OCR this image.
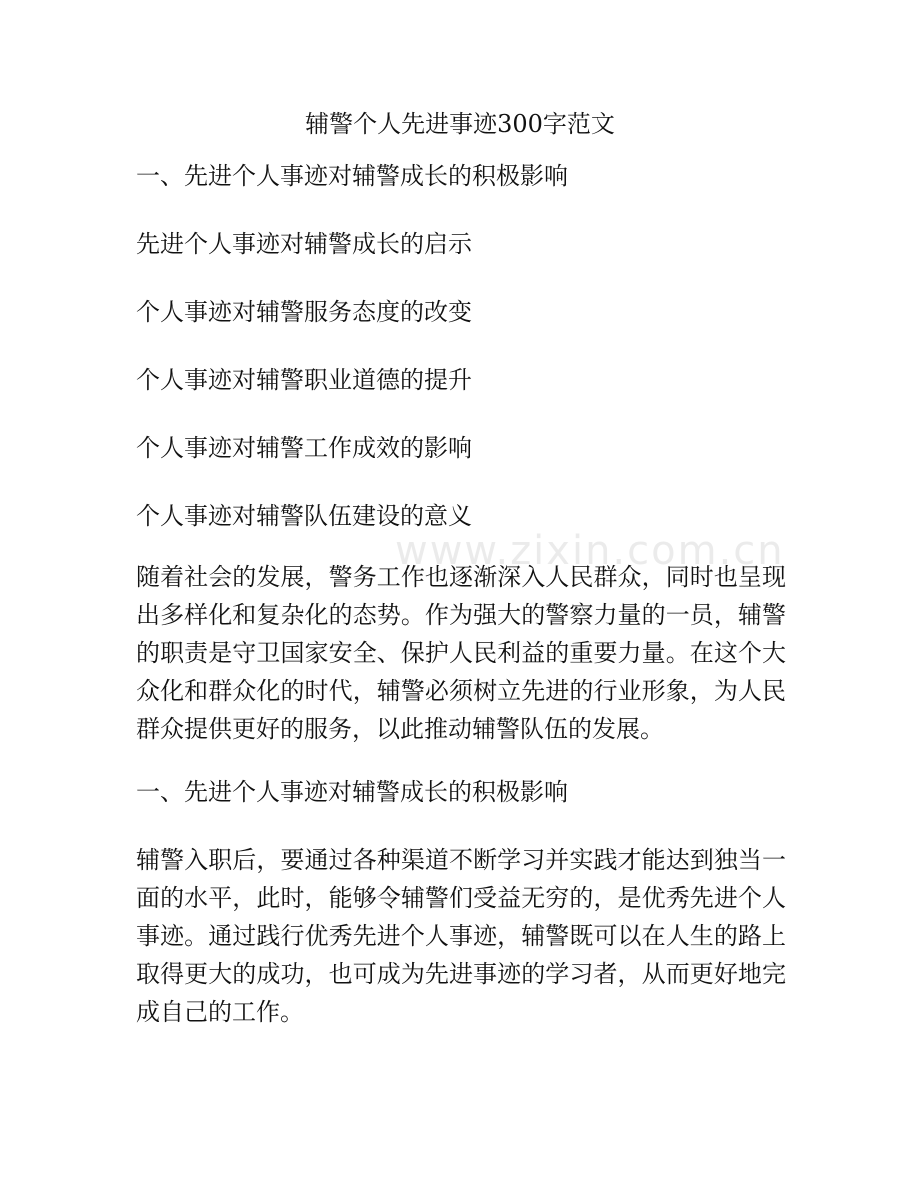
www.zixin.com.cn
辅警个人先进事迹300字范文

一、先进个人事迹对辅警成长的积极影响

先进个人事迹对辅警成长的启示

个人事迹对辅警服务态度的改变

个人事迹对辅警职业道德的提升

个人事迹对辅警工作成效的影响

个人事迹对辅警队伍建设的意义

随着社会的发展，警务工作也逐渐深入人民群众，同时也呈现出多样化和复杂化的态势。作为强大的警察力量的一员，辅警的职责是守卫国家安全、保护人民利益的重要力量。在这个大众化和群众化的时代，辅警必须树立先进的行业形象，为人民群众提供更好的服务，以此推动辅警队伍的发展。

一、先进个人事迹对辅警成长的积极影响

辅警入职后，要通过各种渠道不断学习并实践才能达到独当一面的水平，此时，能够令辅警们受益无穷的，是优秀先进个人事迹。通过践行优秀先进个人事迹，辅警既可以在人生的路上取得更大的成功，也可成为先进事迹的学习者，从而更好地完成自己的工作。
